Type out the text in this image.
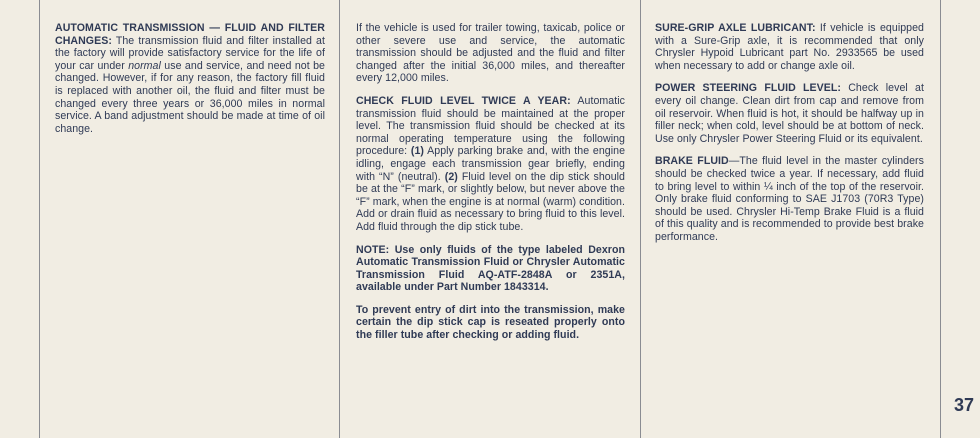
AUTOMATIC TRANSMISSION — FLUID AND FILTER CHANGES: The transmission fluid and filter installed at the factory will provide satisfactory service for the life of your car under normal use and service, and need not be changed. However, if for any reason, the factory fill fluid is replaced with another oil, the fluid and filter must be changed every three years or 36,000 miles in normal service. A band adjustment should be made at time of oil change.

If the vehicle is used for trailer towing, taxicab, police or other severe use and service, the automatic transmission should be adjusted and the fluid and filter changed after the initial 36,000 miles, and thereafter every 12,000 miles.

CHECK FLUID LEVEL TWICE A YEAR: Automatic transmission fluid should be maintained at the proper level. The transmission fluid should be checked at its normal operating temperature using the following procedure: (1) Apply parking brake and, with the engine idling, engage each transmission gear briefly, ending with “N” (neutral). (2) Fluid level on the dip stick should be at the “F” mark, or slightly below, but never above the “F” mark, when the engine is at normal (warm) condition. Add or drain fluid as necessary to bring fluid to this level. Add fluid through the dip stick tube.

NOTE: Use only fluids of the type labeled Dexron Automatic Transmission Fluid or Chrysler Automatic Transmission Fluid AQ-ATF-2848A or 2351A, available under Part Number 1843314.

To prevent entry of dirt into the transmission, make certain the dip stick cap is reseated properly onto the filler tube after checking or adding fluid.

SURE-GRIP AXLE LUBRICANT: If vehicle is equipped with a Sure-Grip axle, it is recommended that only Chrysler Hypoid Lubricant part No. 2933565 be used when necessary to add or change axle oil.

POWER STEERING FLUID LEVEL: Check level at every oil change. Clean dirt from cap and remove from oil reservoir. When fluid is hot, it should be halfway up in filler neck; when cold, level should be at bottom of neck. Use only Chrysler Power Steering Fluid or its equivalent.

BRAKE FLUID—The fluid level in the master cylinders should be checked twice a year. If necessary, add fluid to bring level to within ¼ inch of the top of the reservoir. Only brake fluid conforming to SAE J1703 (70R3 Type) should be used. Chrysler Hi-Temp Brake Fluid is a fluid of this quality and is recommended to provide best brake performance.

37
